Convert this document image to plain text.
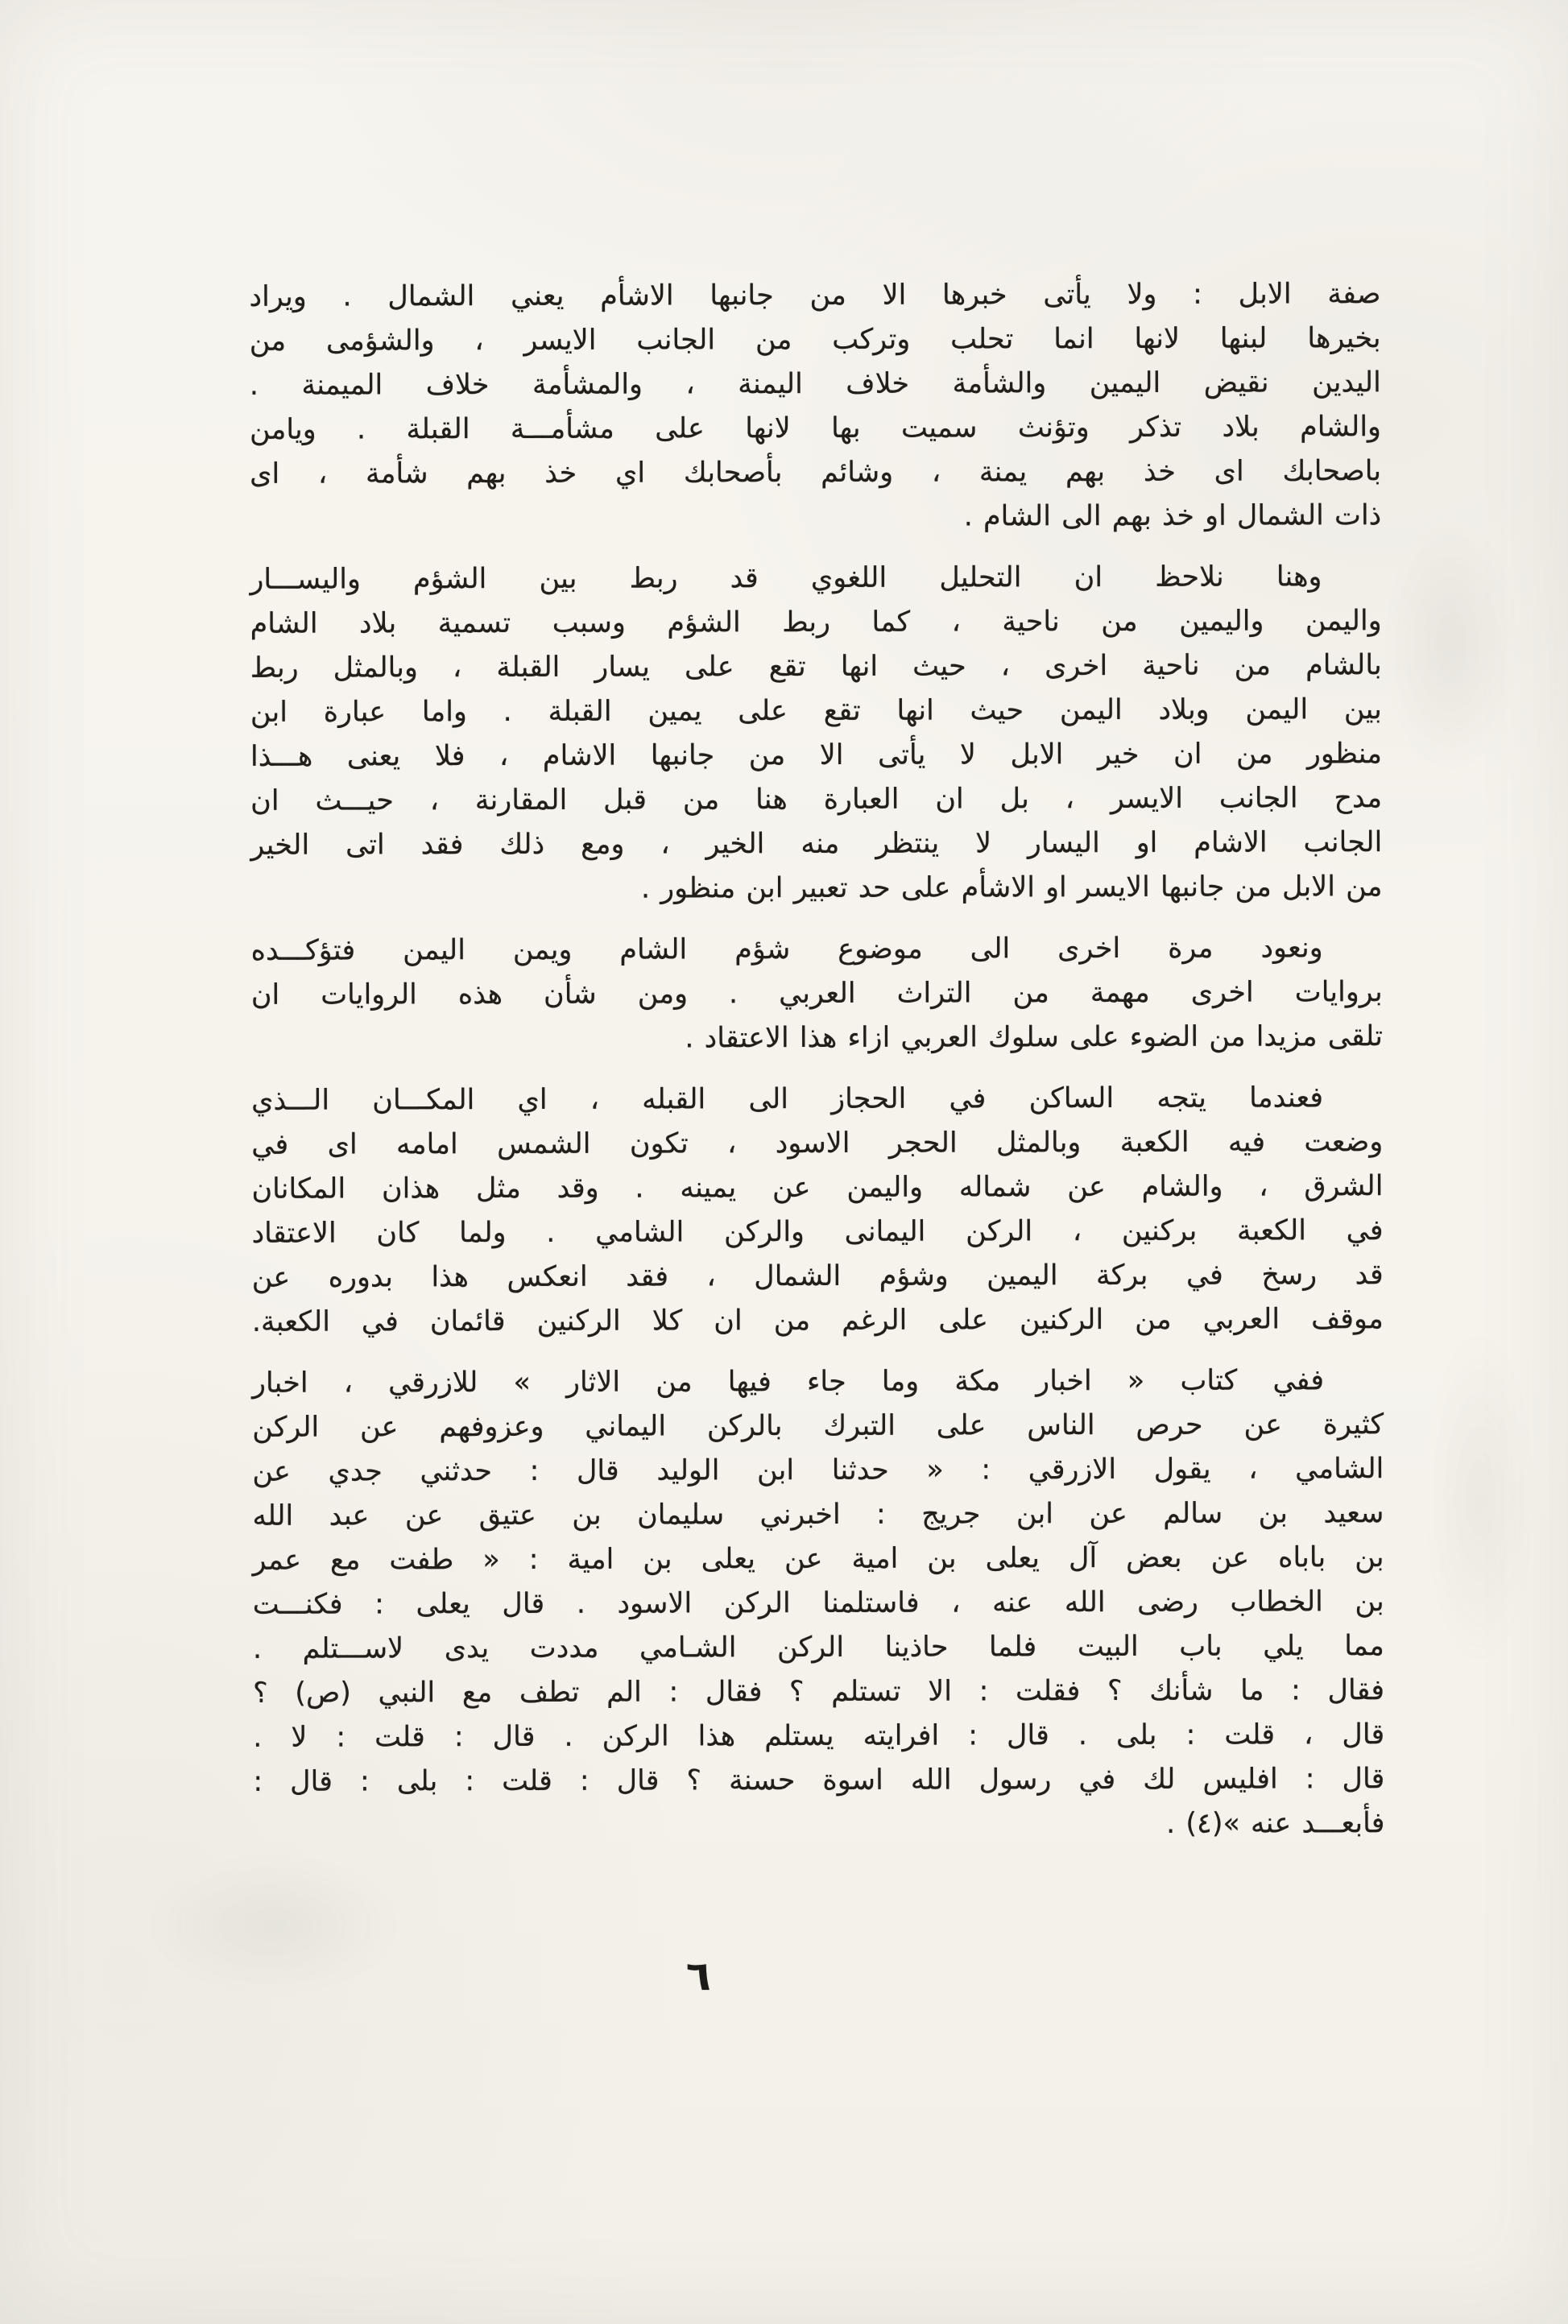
صفة الابل : ولا يأتى خبرها الا من جانبها الاشأم يعني الشمال . ويراد
بخيرها لبنها لانها انما تحلب وتركب من الجانب الايسر ، والشؤمى من
اليدين نقيض اليمين والشأمة خلاف اليمنة ، والمشأمة خلاف الميمنة .
والشام بلاد تذكر وتؤنث سميت بها لانها على مشأمـــة القبلة . ويامن
باصحابك اى خذ بهم يمنة ، وشائم بأصحابك اي خذ بهم شأمة ، اى
ذات الشمال او خذ بهم الى الشام .
وهنا نلاحظ ان التحليل اللغوي قد ربط بين الشؤم واليســـار
واليمن واليمين من ناحية ، كما ربط الشؤم وسبب تسمية بلاد الشام
بالشام من ناحية اخرى ، حيث انها تقع على يسار القبلة ، وبالمثل ربط
بين اليمن وبلاد اليمن حيث انها تقع على يمين القبلة . واما عبارة ابن
منظور من ان خير الابل لا يأتى الا من جانبها الاشام ، فلا يعنى هـــذا
مدح الجانب الايسر ، بل ان العبارة هنا من قبل المقارنة ، حيـــث ان
الجانب الاشام او اليسار لا ينتظر منه الخير ، ومع ذلك فقد اتى الخير
من الابل من جانبها الايسر او الاشأم على حد تعبير ابن منظور .
ونعود مرة اخرى الى موضوع شؤم الشام ويمن اليمن فتؤكـــده
بروايات اخرى مهمة من التراث العربي . ومن شأن هذه الروايات ان
تلقى مزيدا من الضوء على سلوك العربي ازاء هذا الاعتقاد .
فعندما يتجه الساكن في الحجاز الى القبله ، اي المكـــان الـــذي
وضعت فيه الكعبة وبالمثل الحجر الاسود ، تكون الشمس امامه اى في
الشرق ، والشام عن شماله واليمن عن يمينه . وقد مثل هذان المكانان
في الكعبة بركنين ، الركن اليمانى والركن الشامي . ولما كان الاعتقاد
قد رسخ في بركة اليمين وشؤم الشمال ، فقد انعكس هذا بدوره عن
موقف العربي من الركنين على الرغم من ان كلا الركنين قائمان في الكعبة.
ففي كتاب « اخبار مكة وما جاء فيها من الاثار » للازرقي ، اخبار
كثيرة عن حرص الناس على التبرك بالركن اليماني وعزوفهم عن الركن
الشامي ، يقول الازرقي : « حدثنا ابن الوليد قال : حدثني جدي عن
سعيد بن سالم عن ابن جريج : اخبرني سليمان بن عتيق عن عبد الله
بن باباه عن بعض آل يعلى بن امية عن يعلى بن امية : « طفت مع عمر
بن الخطاب رضى الله عنه ، فاستلمنا الركن الاسود . قال يعلى : فكنـــت
مما يلي باب البيت فلما حاذينا الركن الشـامي مددت يدى لاســـتلم .
فقال : ما شأنك ؟ فقلت : الا تستلم ؟ فقال : الم تطف مع النبي (ص) ؟
قال ، قلت : بلى . قال : افرايته يستلم هذا الركن . قال : قلت : لا .
قال : افليس لك في رسول الله اسوة حسنة ؟ قال : قلت : بلى : قال :
فأبعـــد عنه »(٤) .
٦
